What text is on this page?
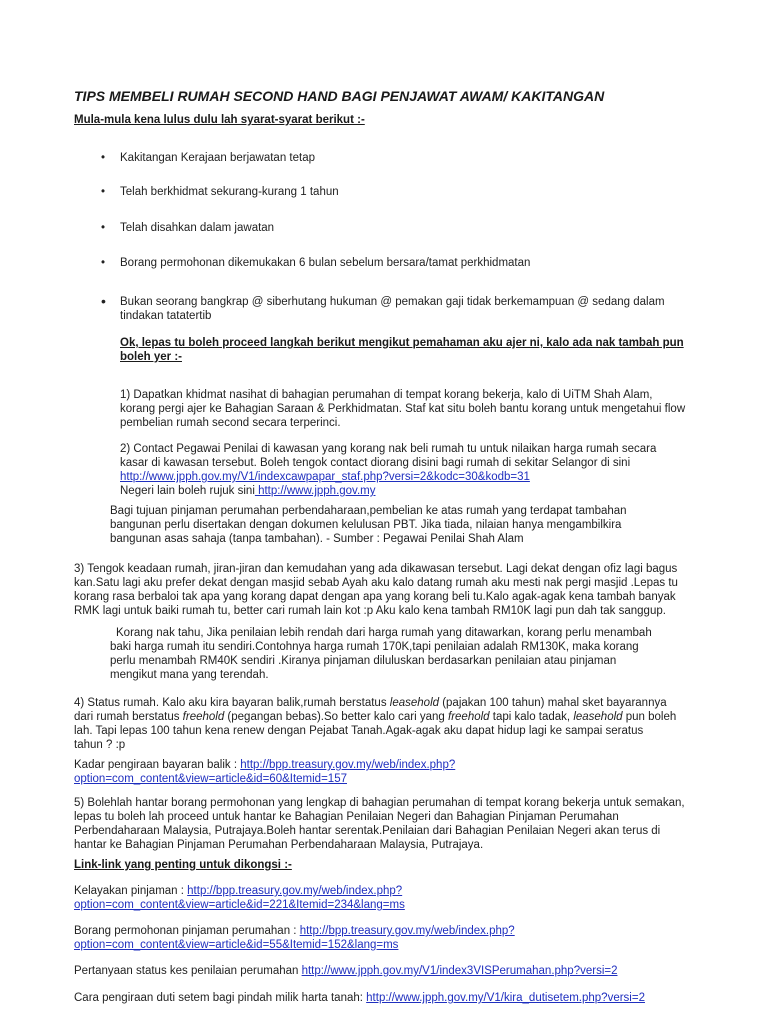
TIPS MEMBELI RUMAH SECOND HAND BAGI PENJAWAT AWAM/ KAKITANGAN
Mula-mula kena lulus dulu lah syarat-syarat berikut :-
• Kakitangan Kerajaan berjawatan tetap
• Telah berkhidmat sekurang-kurang 1 tahun
• Telah disahkan dalam jawatan
• Borang permohonan dikemukakan 6 bulan sebelum bersara/tamat perkhidmatan
• Bukan seorang bangkrap @ siberhutang hukuman @ pemakan gaji tidak berkemampuan @ sedang dalam
tindakan tatatertib
Ok, lepas tu boleh proceed langkah berikut mengikut pemahaman aku ajer ni, kalo ada nak tambah pun
boleh yer :-
1) Dapatkan khidmat nasihat di bahagian perumahan di tempat korang bekerja, kalo di UiTM Shah Alam,
korang pergi ajer ke Bahagian Saraan & Perkhidmatan. Staf kat situ boleh bantu korang untuk mengetahui flow
pembelian rumah second secara terperinci.
2) Contact Pegawai Penilai di kawasan yang korang nak beli rumah tu untuk nilaikan harga rumah secara
kasar di kawasan tersebut. Boleh tengok contact diorang disini bagi rumah di sekitar Selangor di sini
http://www.jpph.gov.my/V1/indexcawpapar_staf.php?versi=2&kodc=30&kodb=31
Negeri lain boleh rujuk sini http://www.jpph.gov.my
Bagi tujuan pinjaman perumahan perbendaharaan,pembelian ke atas rumah yang terdapat tambahan
bangunan perlu disertakan dengan dokumen kelulusan PBT. Jika tiada, nilaian hanya mengambilkira
bangunan asas sahaja (tanpa tambahan). - Sumber : Pegawai Penilai Shah Alam
3) Tengok keadaan rumah, jiran-jiran dan kemudahan yang ada dikawasan tersebut. Lagi dekat dengan ofiz lagi bagus
kan.Satu lagi aku prefer dekat dengan masjid sebab Ayah aku kalo datang rumah aku mesti nak pergi masjid .Lepas tu
korang rasa berbaloi tak apa yang korang dapat dengan apa yang korang beli tu.Kalo agak-agak kena tambah banyak
RMK lagi untuk baiki rumah tu, better cari rumah lain kot :p Aku kalo kena tambah RM10K lagi pun dah tak sanggup.
Korang nak tahu, Jika penilaian lebih rendah dari harga rumah yang ditawarkan, korang perlu menambah
baki harga rumah itu sendiri.Contohnya harga rumah 170K,tapi penilaian adalah RM130K, maka korang
perlu menambah RM40K sendiri .Kiranya pinjaman diluluskan berdasarkan penilaian atau pinjaman
mengikut mana yang terendah.
4) Status rumah. Kalo aku kira bayaran balik,rumah berstatus leasehold (pajakan 100 tahun) mahal sket bayarannya
dari rumah berstatus freehold (pegangan bebas).So better kalo cari yang freehold tapi kalo tadak, leasehold pun boleh
lah. Tapi lepas 100 tahun kena renew dengan Pejabat Tanah.Agak-agak aku dapat hidup lagi ke sampai seratus
tahun ? :p
Kadar pengiraan bayaran balik : http://bpp.treasury.gov.my/web/index.php?
option=com_content&view=article&id=60&Itemid=157
5) Bolehlah hantar borang permohonan yang lengkap di bahagian perumahan di tempat korang bekerja untuk semakan,
lepas tu boleh lah proceed untuk hantar ke Bahagian Penilaian Negeri dan Bahagian Pinjaman Perumahan
Perbendaharaan Malaysia, Putrajaya.Boleh hantar serentak.Penilaian dari Bahagian Penilaian Negeri akan terus di
hantar ke Bahagian Pinjaman Perumahan Perbendaharaan Malaysia, Putrajaya.
Link-link yang penting untuk dikongsi :-
Kelayakan pinjaman : http://bpp.treasury.gov.my/web/index.php?
option=com_content&view=article&id=221&Itemid=234&lang=ms
Borang permohonan pinjaman perumahan : http://bpp.treasury.gov.my/web/index.php?
option=com_content&view=article&id=55&Itemid=152&lang=ms
Pertanyaan status kes penilaian perumahan http://www.jpph.gov.my/V1/index3VISPerumahan.php?versi=2
Cara pengiraan duti setem bagi pindah milik harta tanah: http://www.jpph.gov.my/V1/kira_dutisetem.php?versi=2
